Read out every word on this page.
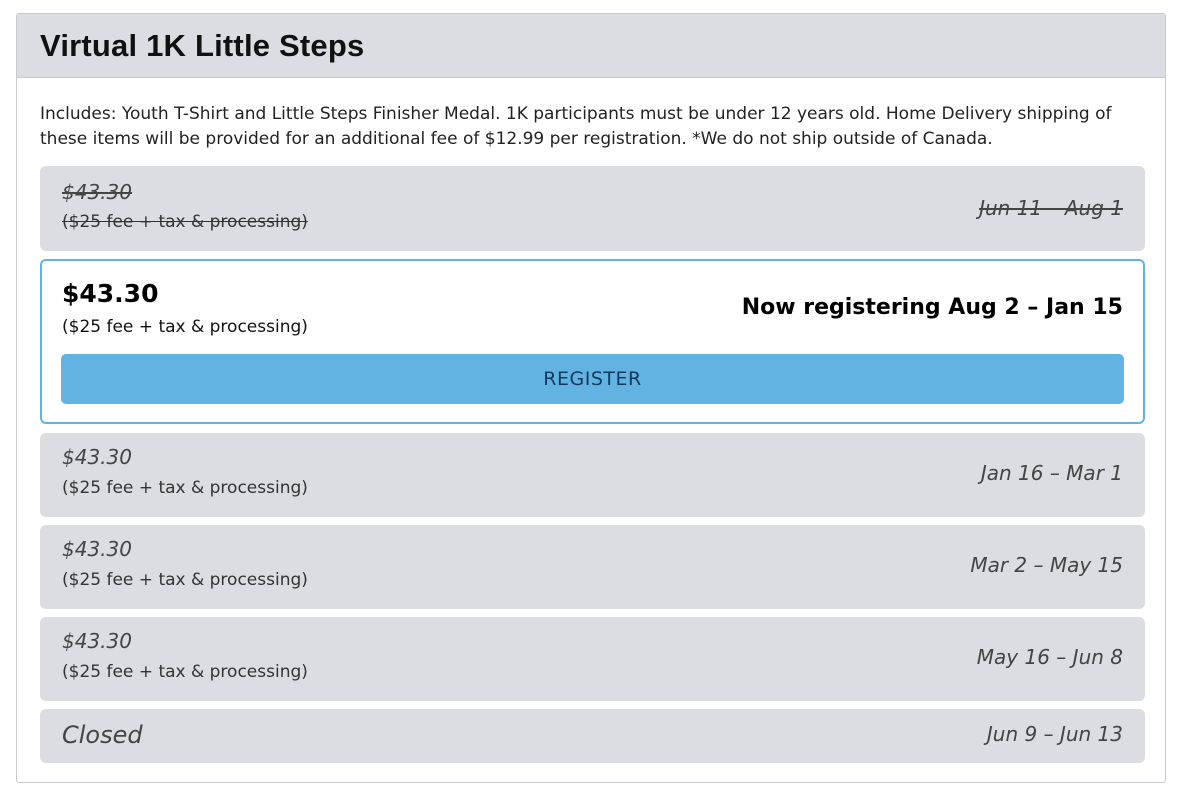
Virtual 1K Little Steps
Includes: Youth T-Shirt and Little Steps Finisher Medal. 1K participants must be under 12 years old. Home Delivery shipping of these items will be provided for an additional fee of $12.99 per registration. *We do not ship outside of Canada.
$43.30
($25 fee + tax & processing)
Jun 11 – Aug 1
$43.30
($25 fee + tax & processing)
Now registering Aug 2 – Jan 15
REGISTER
$43.30
($25 fee + tax & processing)
Jan 16 – Mar 1
$43.30
($25 fee + tax & processing)
Mar 2 – May 15
$43.30
($25 fee + tax & processing)
May 16 – Jun 8
Closed	Jun 9 – Jun 13
